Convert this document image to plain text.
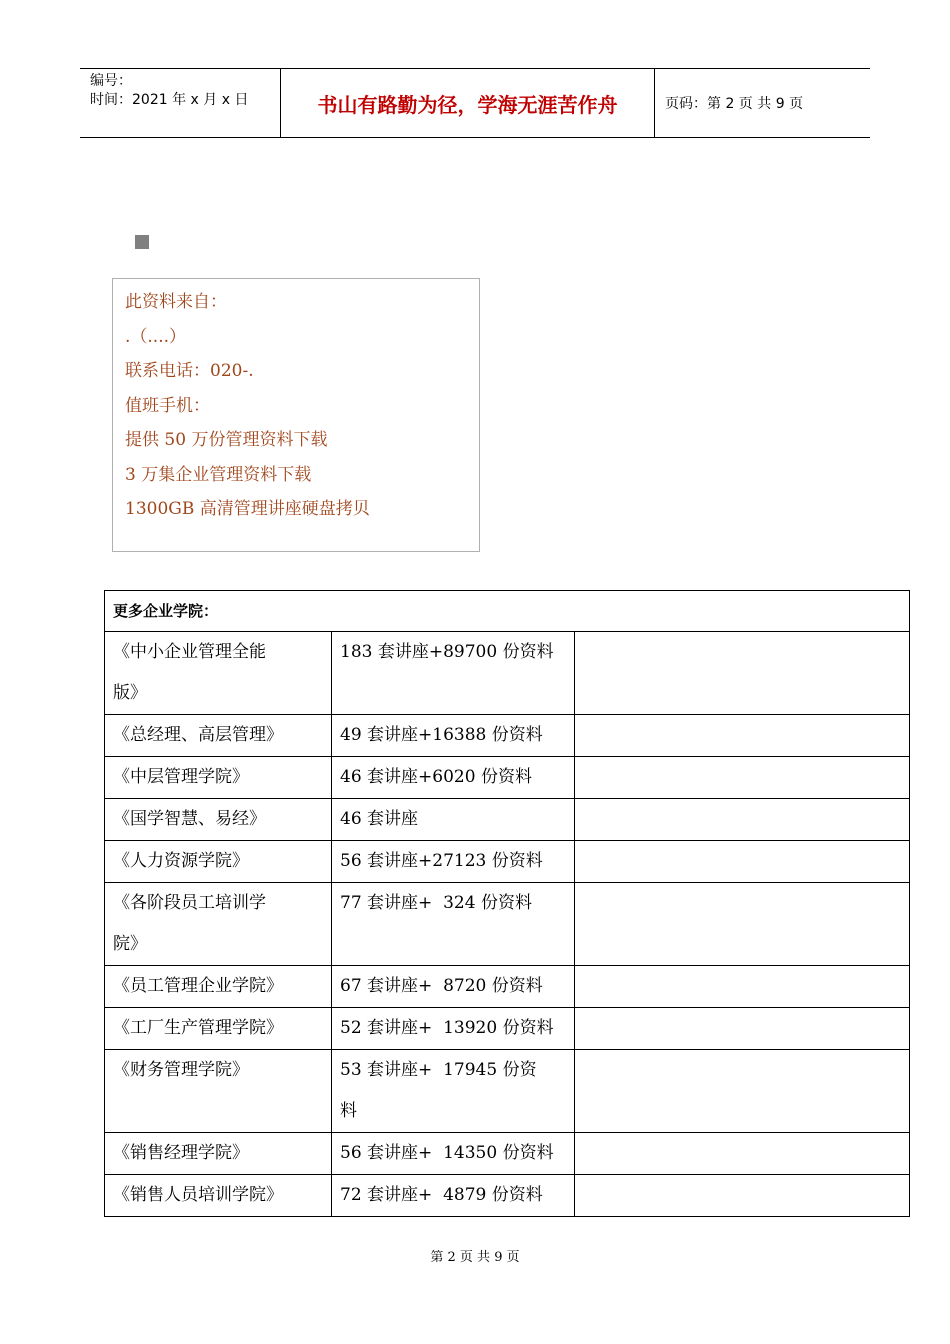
编号：
时间：2021 年 x 月 x 日	书山有路勤为径，学海无涯苦作舟	页码：第 2 页 共 9 页
此资料来自：
.（....）
联系电话：020-.
值班手机：
提供 50 万份管理资料下载
3 万集企业管理资料下载
1300GB 高清管理讲座硬盘拷贝
更多企业学院：		

《中小企业管理全能
版》	183 套讲座+89700 份资料	

《总经理、高层管理》	49 套讲座+16388 份资料	

《中层管理学院》	46 套讲座+6020 份资料	

《国学智慧、易经》	46 套讲座	

《人力资源学院》	56 套讲座+27123 份资料	

《各阶段员工培训学
院》	77 套讲座+  324 份资料	

《员工管理企业学院》	67 套讲座+  8720 份资料	

《工厂生产管理学院》	52 套讲座+  13920 份资料	

《财务管理学院》	53 套讲座+  17945 份资
料	

《销售经理学院》	56 套讲座+  14350 份资料	

《销售人员培训学院》	72 套讲座+  4879 份资料	

第 2 页 共 9 页
